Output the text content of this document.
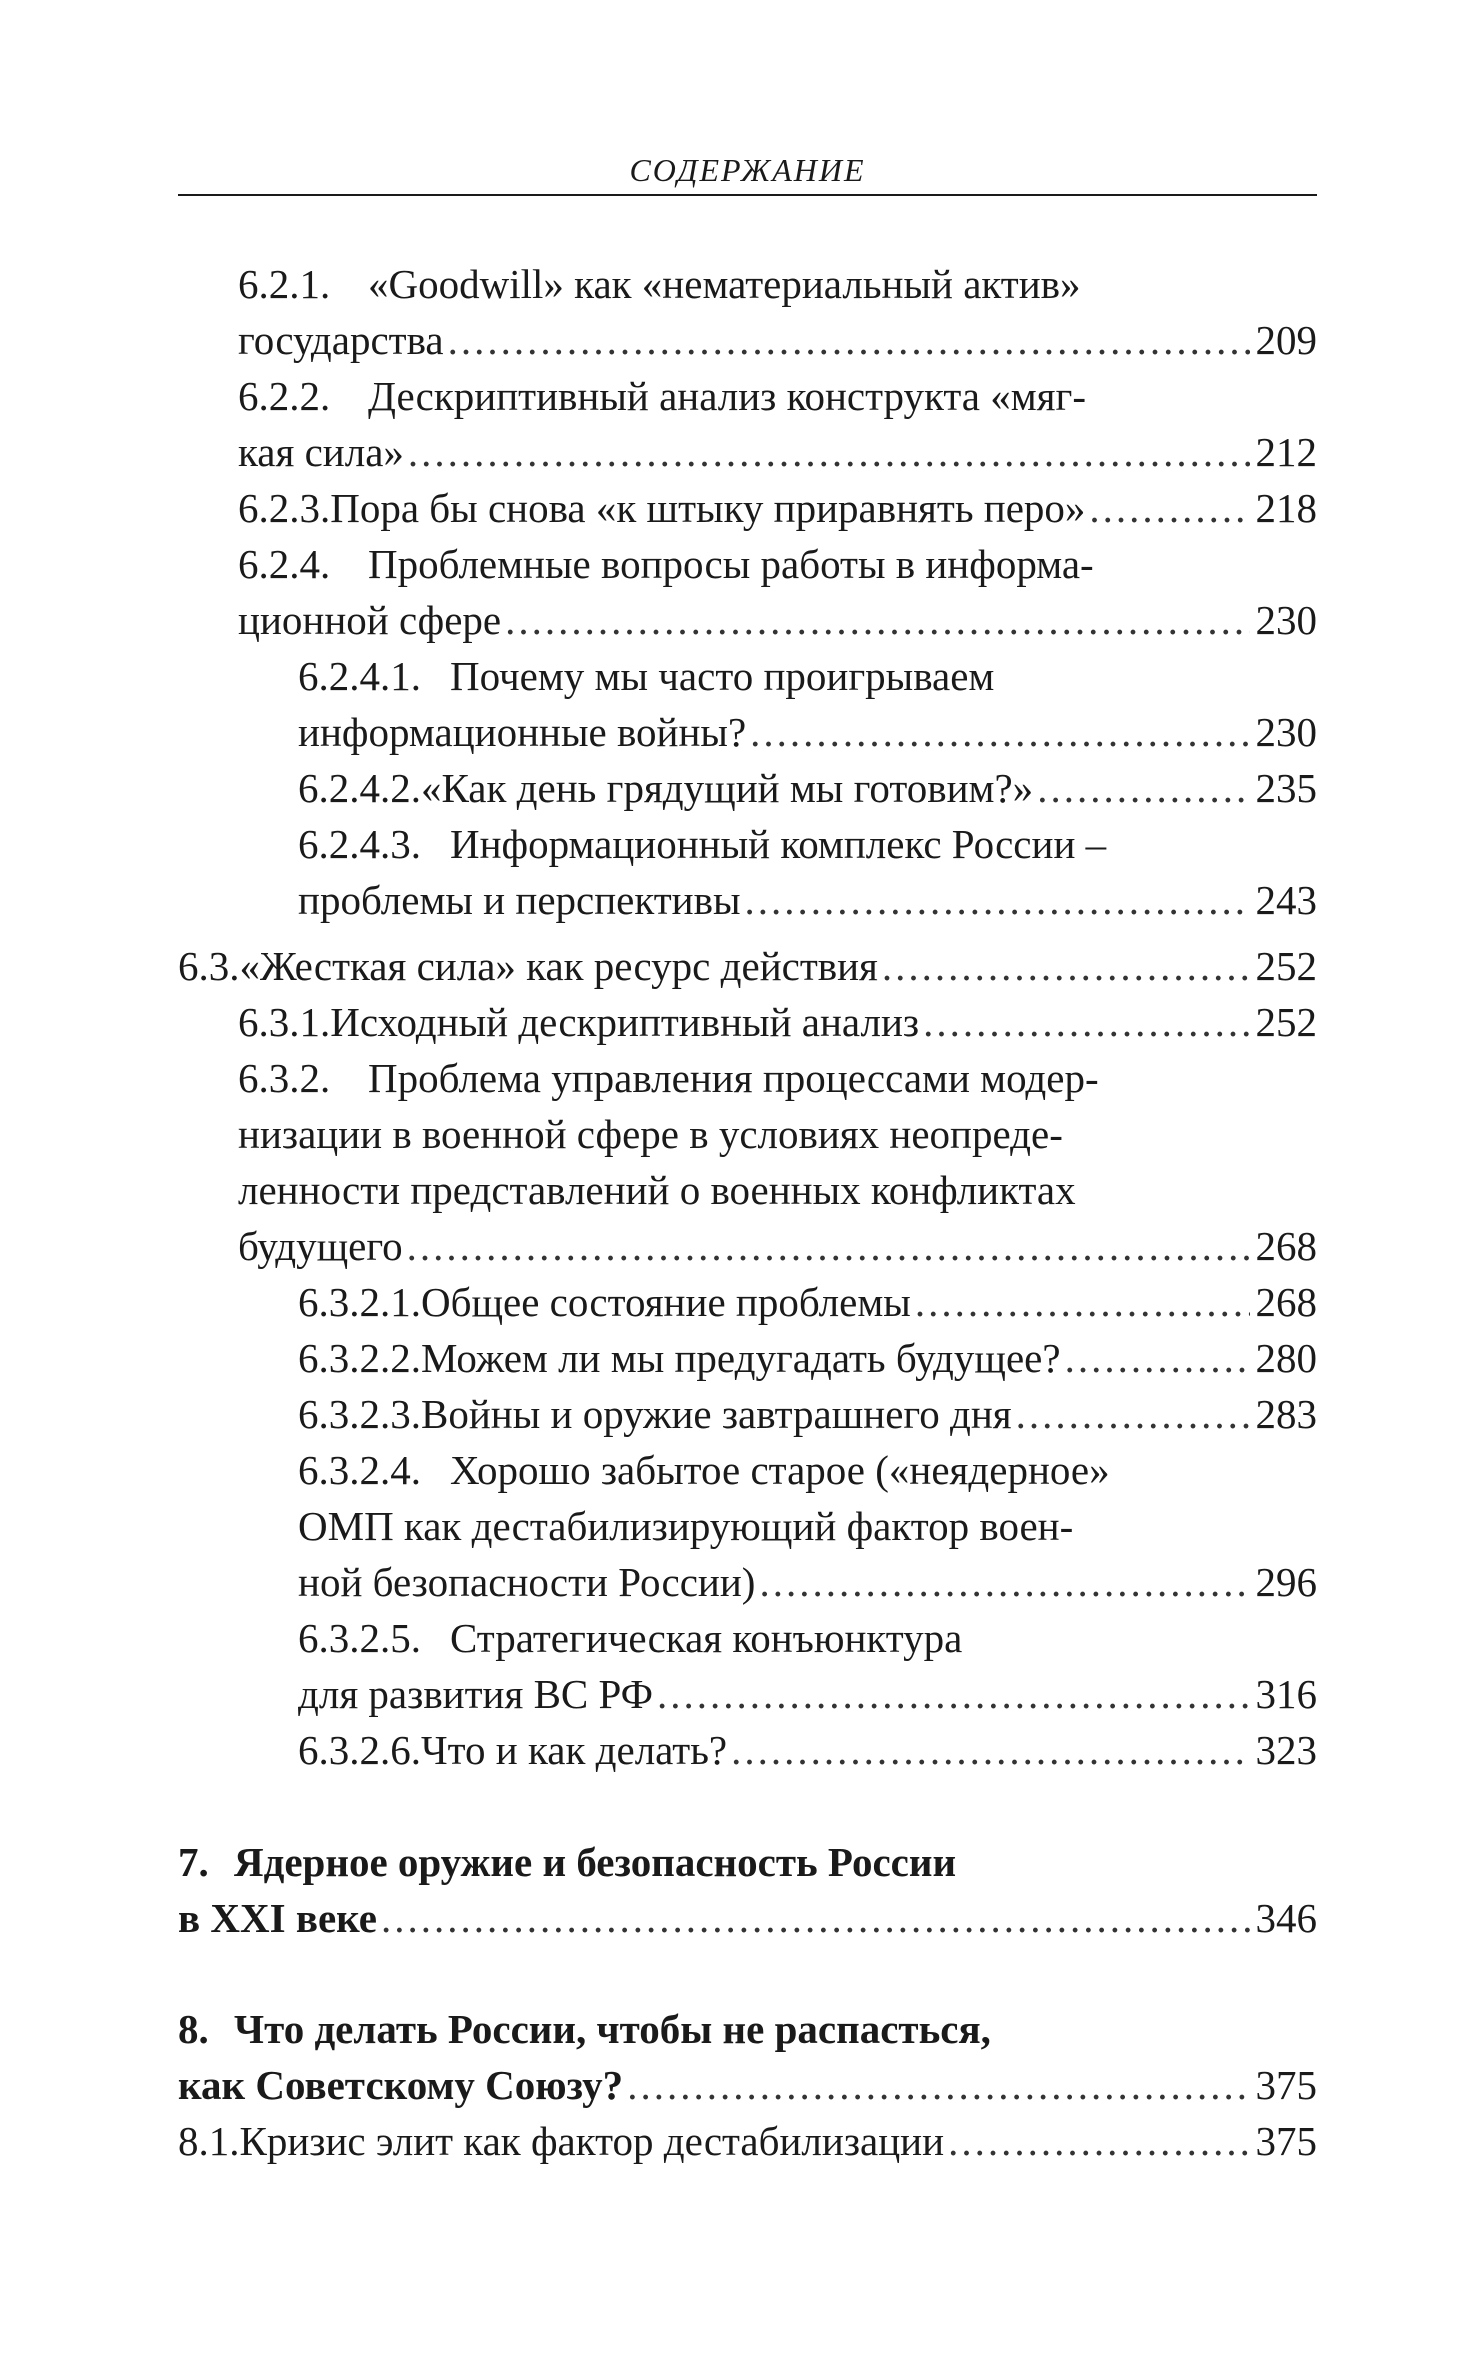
СОДЕРЖАНИЕ
6.2.1. «Goodwill» как «нематериальный актив»
государства .....	209
6.2.2. Дескриптивный анализ конструкта «мяг-
кая сила» .....	212
6.2.3. Пора бы снова «к штыку приравнять перо» .....	218
6.2.4. Проблемные вопросы работы в информа-
ционной сфере .....	230
6.2.4.1. Почему мы часто проигрываем
информационные войны? .....	230
6.2.4.2. «Как день грядущий мы готовим?» .....	235
6.2.4.3. Информационный комплекс России –
проблемы и перспективы .....	243
6.3. «Жесткая сила» как ресурс действия .....	252
6.3.1. Исходный дескриптивный анализ .....	252
6.3.2. Проблема управления процессами модер-
низации в военной сфере в условиях неопреде-
ленности представлений о военных конфликтах
будущего .....	268
6.3.2.1. Общее состояние проблемы .....	268
6.3.2.2. Можем ли мы предугадать будущее? .....	280
6.3.2.3. Войны и оружие завтрашнего дня .....	283
6.3.2.4. Хорошо забытое старое («неядерное»
ОМП как дестабилизирующий фактор воен-
ной безопасности России) .....	296
6.3.2.5. Стратегическая конъюнктура
для развития ВС РФ .....	316
6.3.2.6. Что и как делать? .....	323
7. Ядерное оружие и безопасность России
в XXI веке .....	346
8. Что делать России, чтобы не распасться,
как Советскому Союзу? .....	375
8.1. Кризис элит как фактор дестабилизации .....	375
